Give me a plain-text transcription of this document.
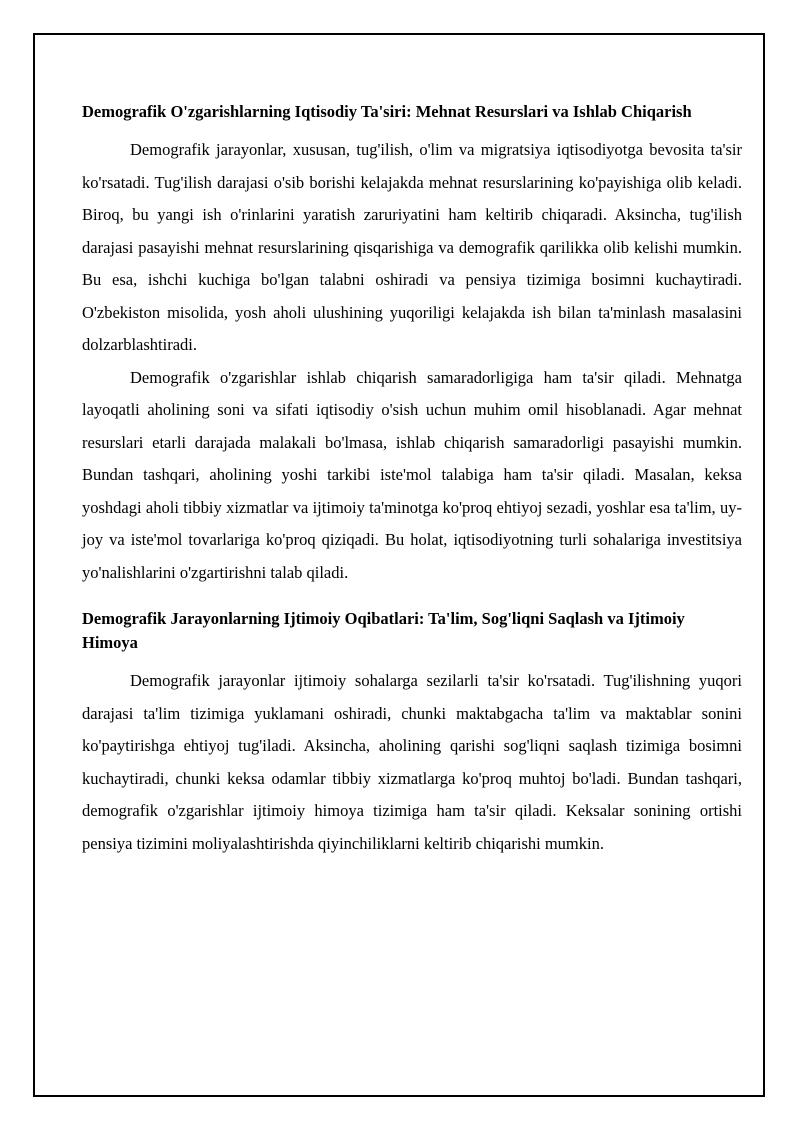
Demografik O'zgarishlarning Iqtisodiy Ta'siri: Mehnat Resurslari va Ishlab Chiqarish

Demografik jarayonlar, xususan, tug'ilish, o'lim va migratsiya iqtisodiyotga bevosita ta'sir ko'rsatadi. Tug'ilish darajasi o'sib borishi kelajakda mehnat resurslarining ko'payishiga olib keladi. Biroq, bu yangi ish o'rinlarini yaratish zaruriyatini ham keltirib chiqaradi. Aksincha, tug'ilish darajasi pasayishi mehnat resurslarining qisqarishiga va demografik qarilikka olib kelishi mumkin. Bu esa, ishchi kuchiga bo'lgan talabni oshiradi va pensiya tizimiga bosimni kuchaytiradi. O'zbekiston misolida, yosh aholi ulushining yuqoriligi kelajakda ish bilan ta'minlash masalasini dolzarblashtiradi.

Demografik o'zgarishlar ishlab chiqarish samaradorligiga ham ta'sir qiladi. Mehnatga layoqatli aholining soni va sifati iqtisodiy o'sish uchun muhim omil hisoblanadi. Agar mehnat resurslari etarli darajada malakali bo'lmasa, ishlab chiqarish samaradorligi pasayishi mumkin. Bundan tashqari, aholining yoshi tarkibi iste'mol talabiga ham ta'sir qiladi. Masalan, keksa yoshdagi aholi tibbiy xizmatlar va ijtimoiy ta'minotga ko'proq ehtiyoj sezadi, yoshlar esa ta'lim, uy-joy va iste'mol tovarlariga ko'proq qiziqadi. Bu holat, iqtisodiyotning turli sohalariga investitsiya yo'nalishlarini o'zgartirishni talab qiladi.

Demografik Jarayonlarning Ijtimoiy Oqibatlari: Ta'lim, Sog'liqni Saqlash va Ijtimoiy Himoya

Demografik jarayonlar ijtimoiy sohalarga sezilarli ta'sir ko'rsatadi. Tug'ilishning yuqori darajasi ta'lim tizimiga yuklamani oshiradi, chunki maktabgacha ta'lim va maktablar sonini ko'paytirishga ehtiyoj tug'iladi. Aksincha, aholining qarishi sog'liqni saqlash tizimiga bosimni kuchaytiradi, chunki keksa odamlar tibbiy xizmatlarga ko'proq muhtoj bo'ladi. Bundan tashqari, demografik o'zgarishlar ijtimoiy himoya tizimiga ham ta'sir qiladi. Keksalar sonining ortishi pensiya tizimini moliyalashtirishda qiyinchiliklarni keltirib chiqarishi mumkin.
